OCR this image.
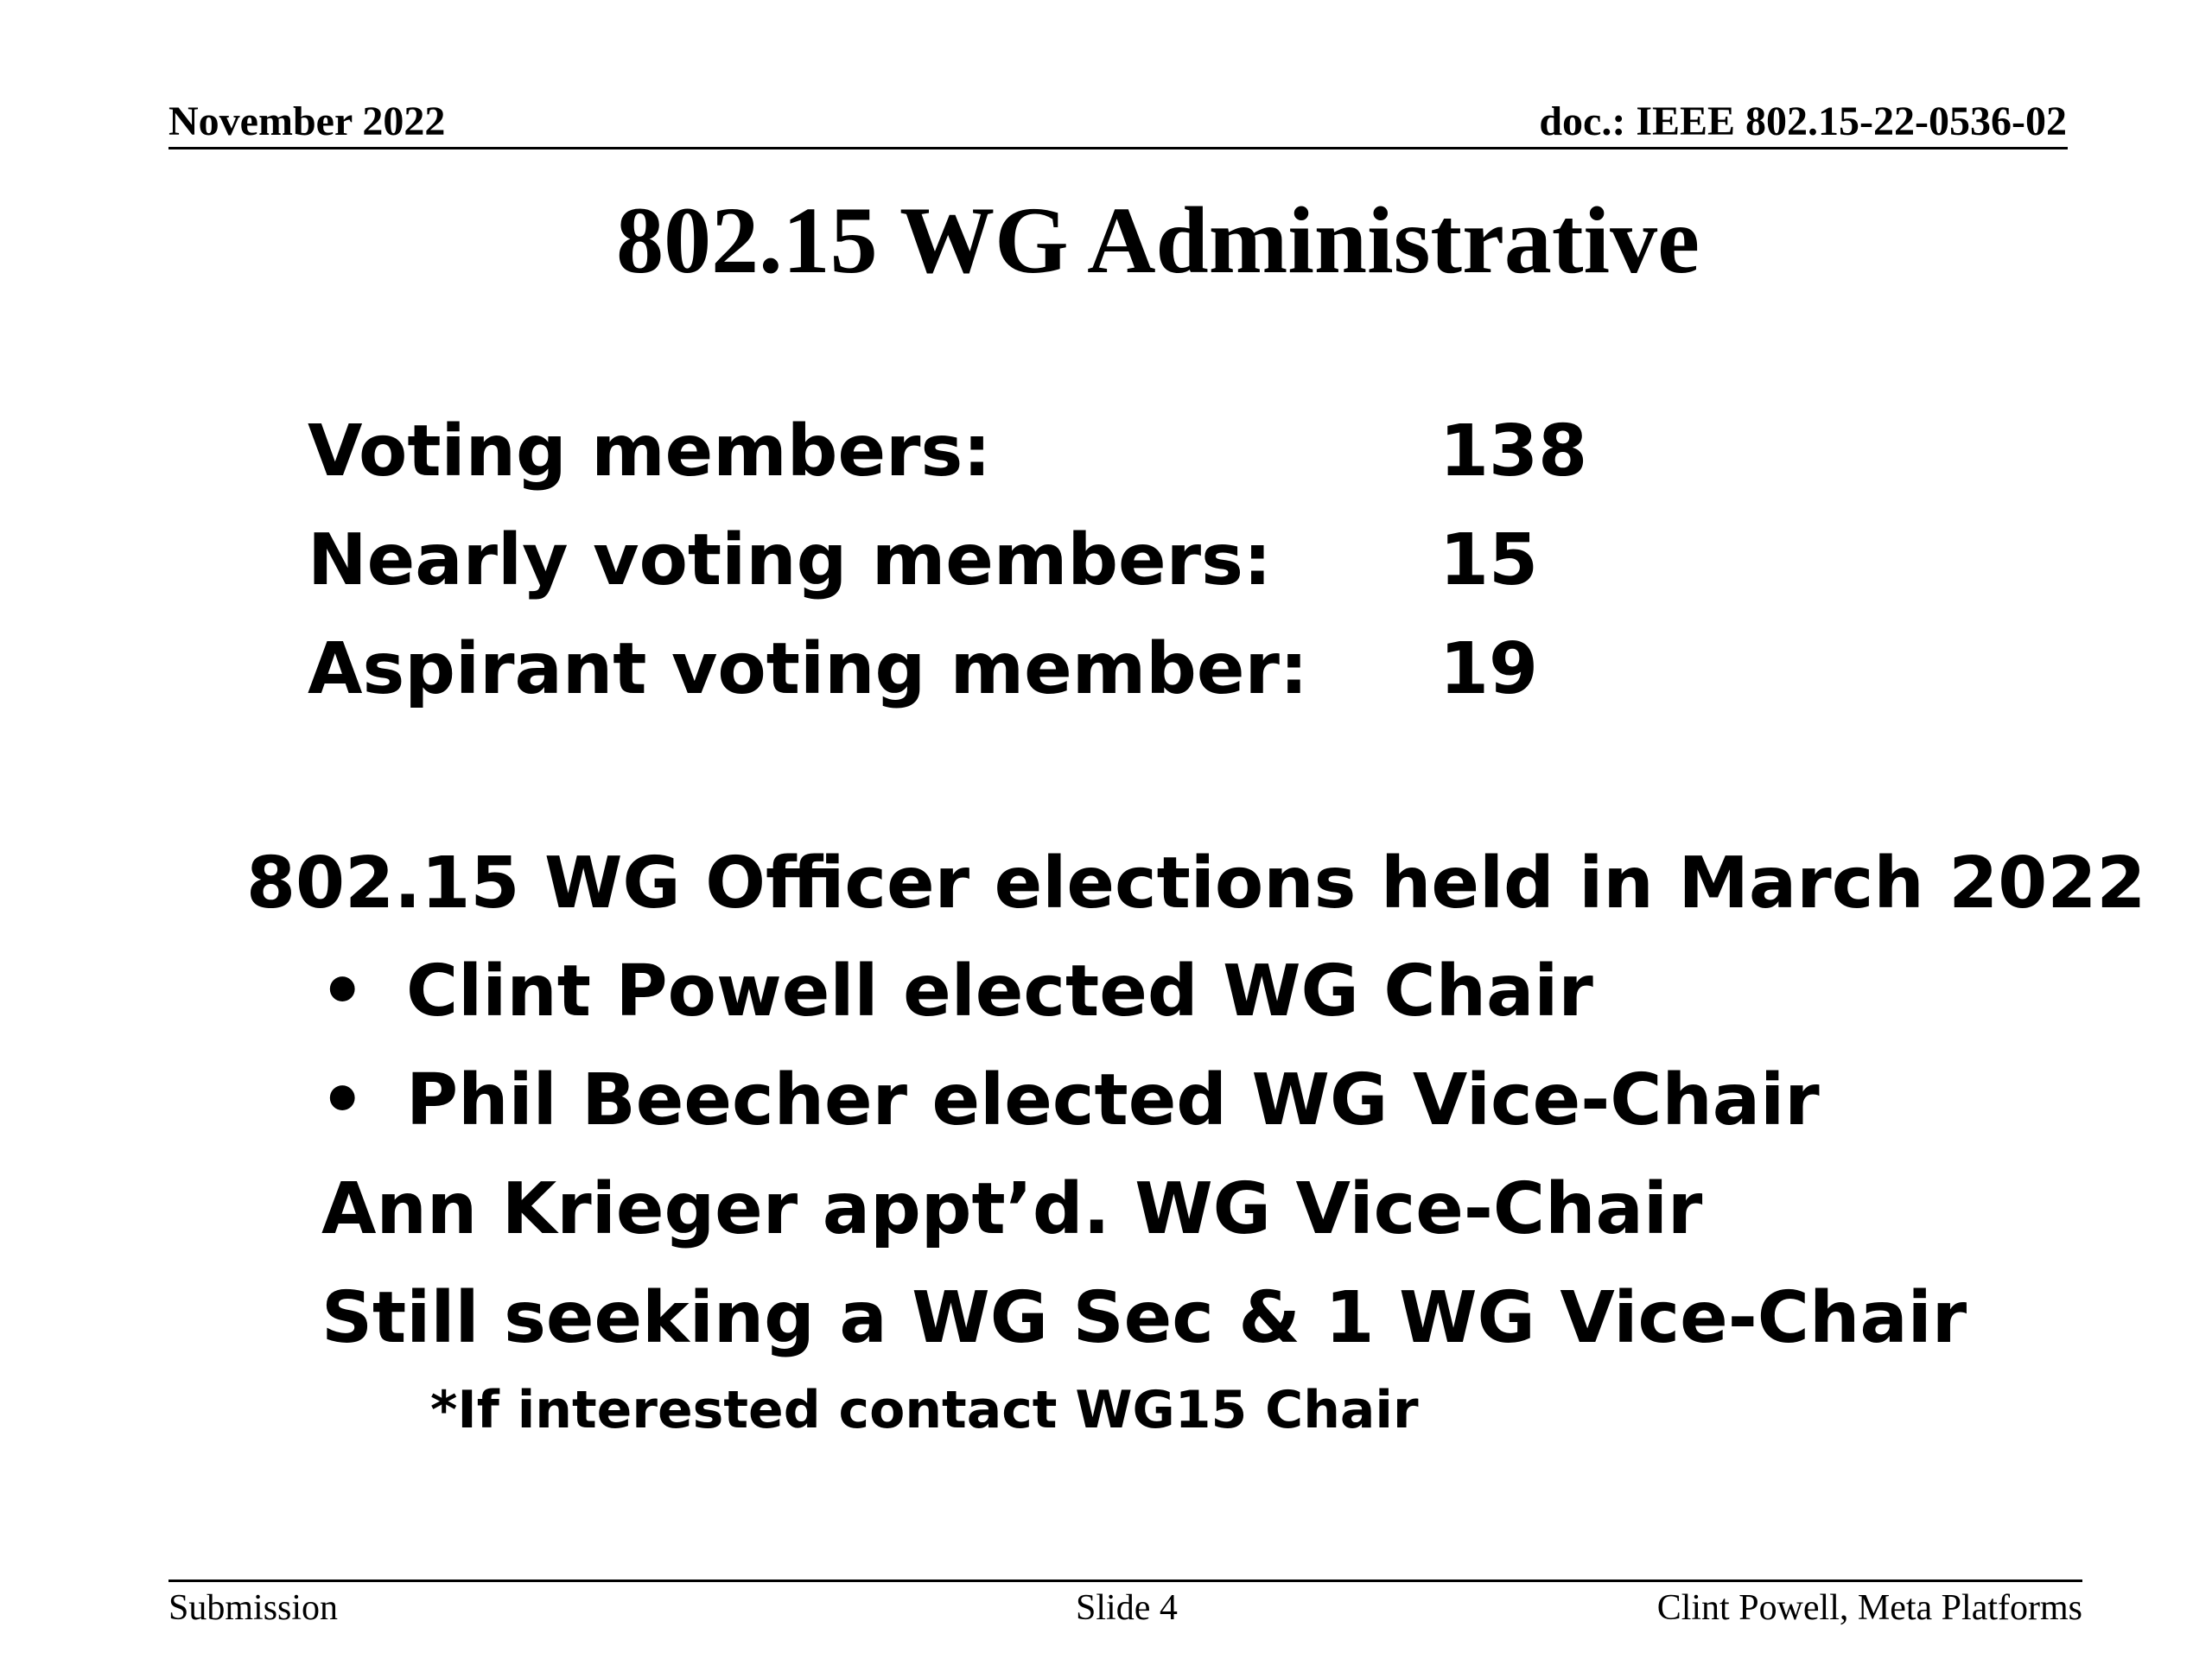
November 2022	doc.: IEEE 802.15-22-0536-02
802.15 WG Administrative
Voting members:	138
Nearly voting members: 15
Aspirant voting member: 19
802.15 WG Officer elections held in March 2022
• Clint Powell elected WG Chair
• Phil Beecher elected WG Vice-Chair
Ann Krieger appt’d. WG Vice-Chair
Still seeking a WG Sec & 1 WG Vice-Chair
*If interested contact WG15 Chair
Submission	Slide 4	Clint Powell, Meta Platforms
